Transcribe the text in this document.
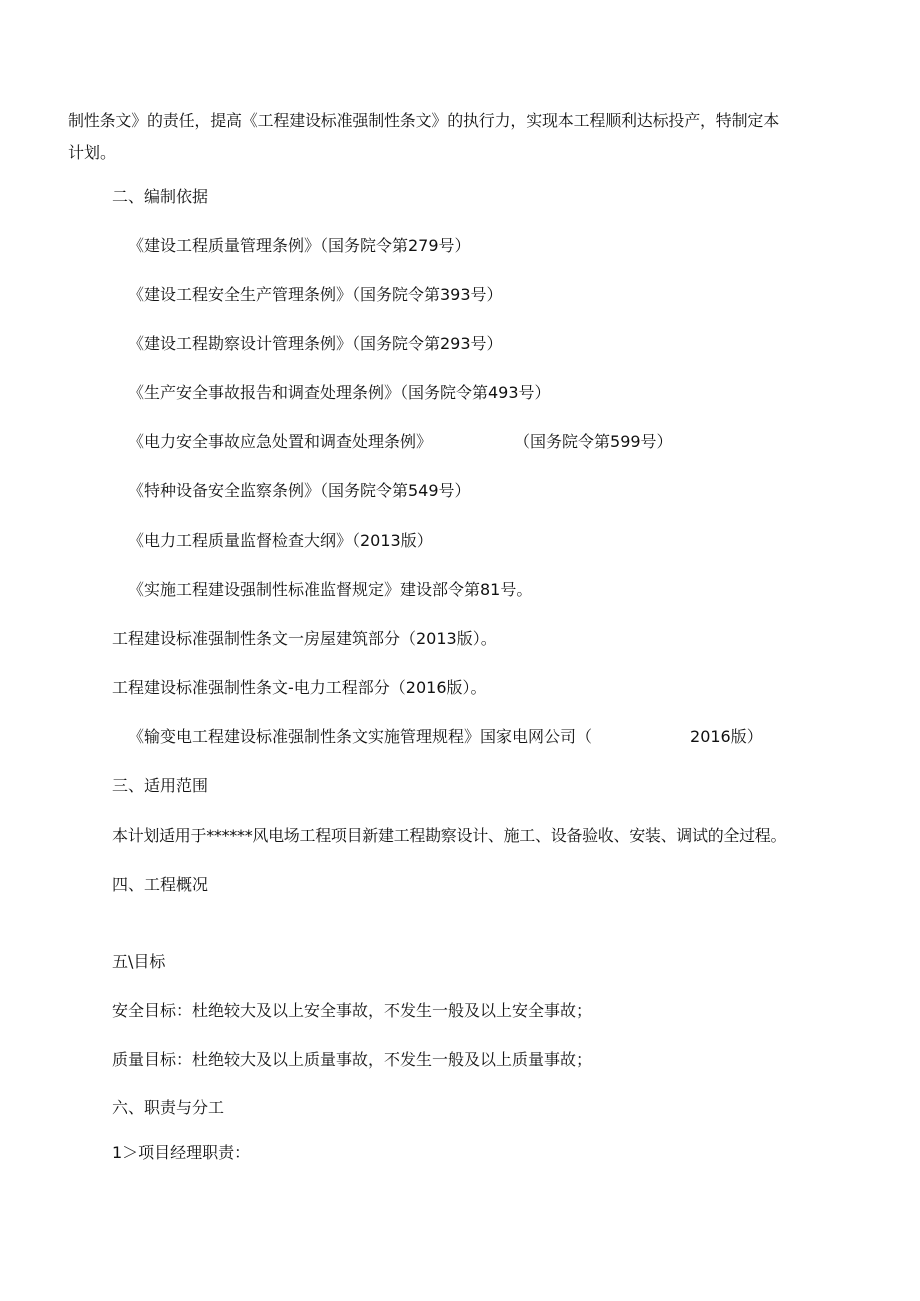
制性条文》的责任，提高《工程建设标准强制性条文》的执行力，实现本工程顺利达标投产，特制定本

计划。

二、编制依据

《建设工程质量管理条例》（国务院令第279号）

《建设工程安全生产管理条例》（国务院令第393号）

《建设工程勘察设计管理条例》（国务院令第293号）

《生产安全事故报告和调查处理条例》（国务院令第493号）

《电力安全事故应急处置和调查处理条例》	（国务院令第599号）

《特种设备安全监察条例》（国务院令第549号）

《电力工程质量监督检查大纲》（2013版）

《实施工程建设强制性标准监督规定》建设部令第81号。

工程建设标准强制性条文一房屋建筑部分（2013版）。

工程建设标准强制性条文-电力工程部分（2016版）。

《输变电工程建设标准强制性条文实施管理规程》国家电网公司（	2016版）

三、适用范围

本计划适用于******风电场工程项目新建工程勘察设计、施工、设备验收、安装、调试的全过程。

四、工程概况

五\目标

安全目标：杜绝较大及以上安全事故，不发生一般及以上安全事故；

质量目标：杜绝较大及以上质量事故，不发生一般及以上质量事故；

六、职责与分工

1＞项目经理职责：
